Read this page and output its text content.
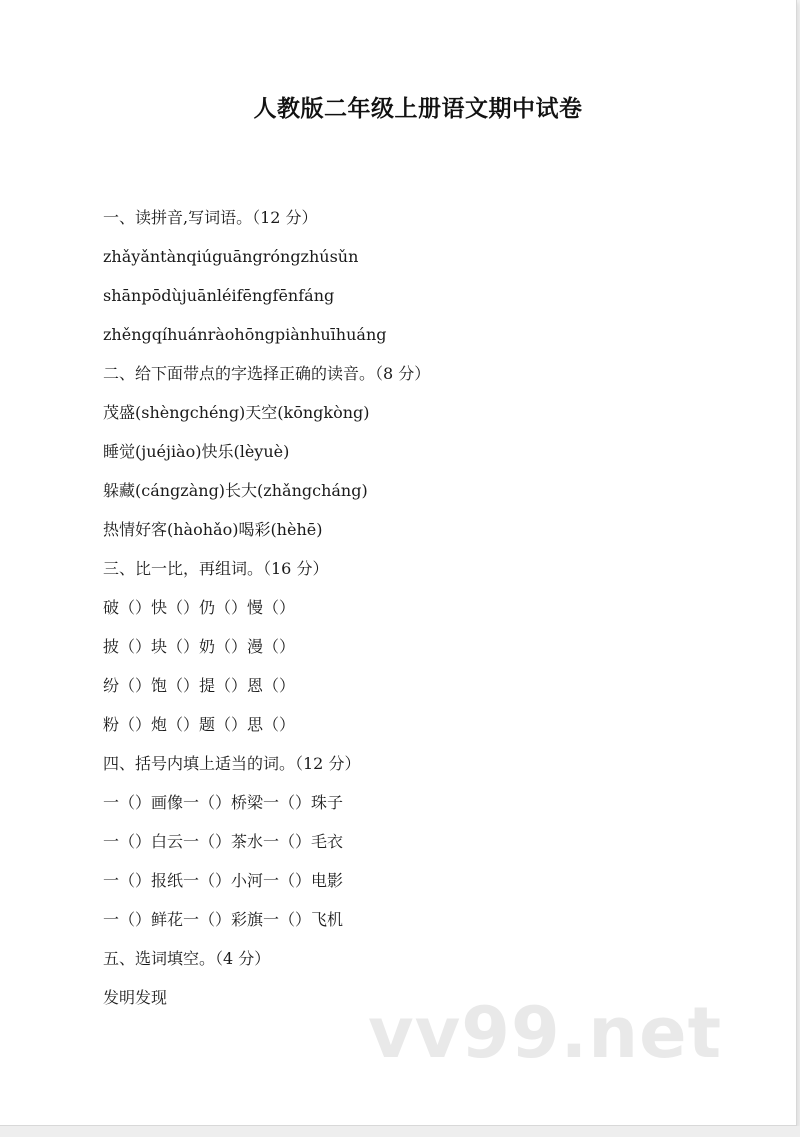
人教版二年级上册语文期中试卷
一、读拼音,写词语。（12 分）
zhǎyǎntànqiúguāngróngzhúsǔn
shānpōdùjuānléifēngfēnfáng
zhěngqíhuánràohōngpiànhuīhuáng
二、给下面带点的字选择正确的读音。（8 分）
茂盛(shèngchéng)天空(kōngkòng)
睡觉(juéjiào)快乐(lèyuè)
躲藏(cángzàng)长大(zhǎngcháng)
热情好客(hàohǎo)喝彩(hèhē)
三、比一比，再组词。（16 分）
破（）快（）仍（）慢（）
披（）块（）奶（）漫（）
纷（）饱（）提（）恩（）
粉（）炮（）题（）思（）
四、括号内填上适当的词。（12 分）
一（）画像一（）桥梁一（）珠子
一（）白云一（）茶水一（）毛衣
一（）报纸一（）小河一（）电影
一（）鲜花一（）彩旗一（）飞机
五、选词填空。（4 分）
发明发现	vv99.net
